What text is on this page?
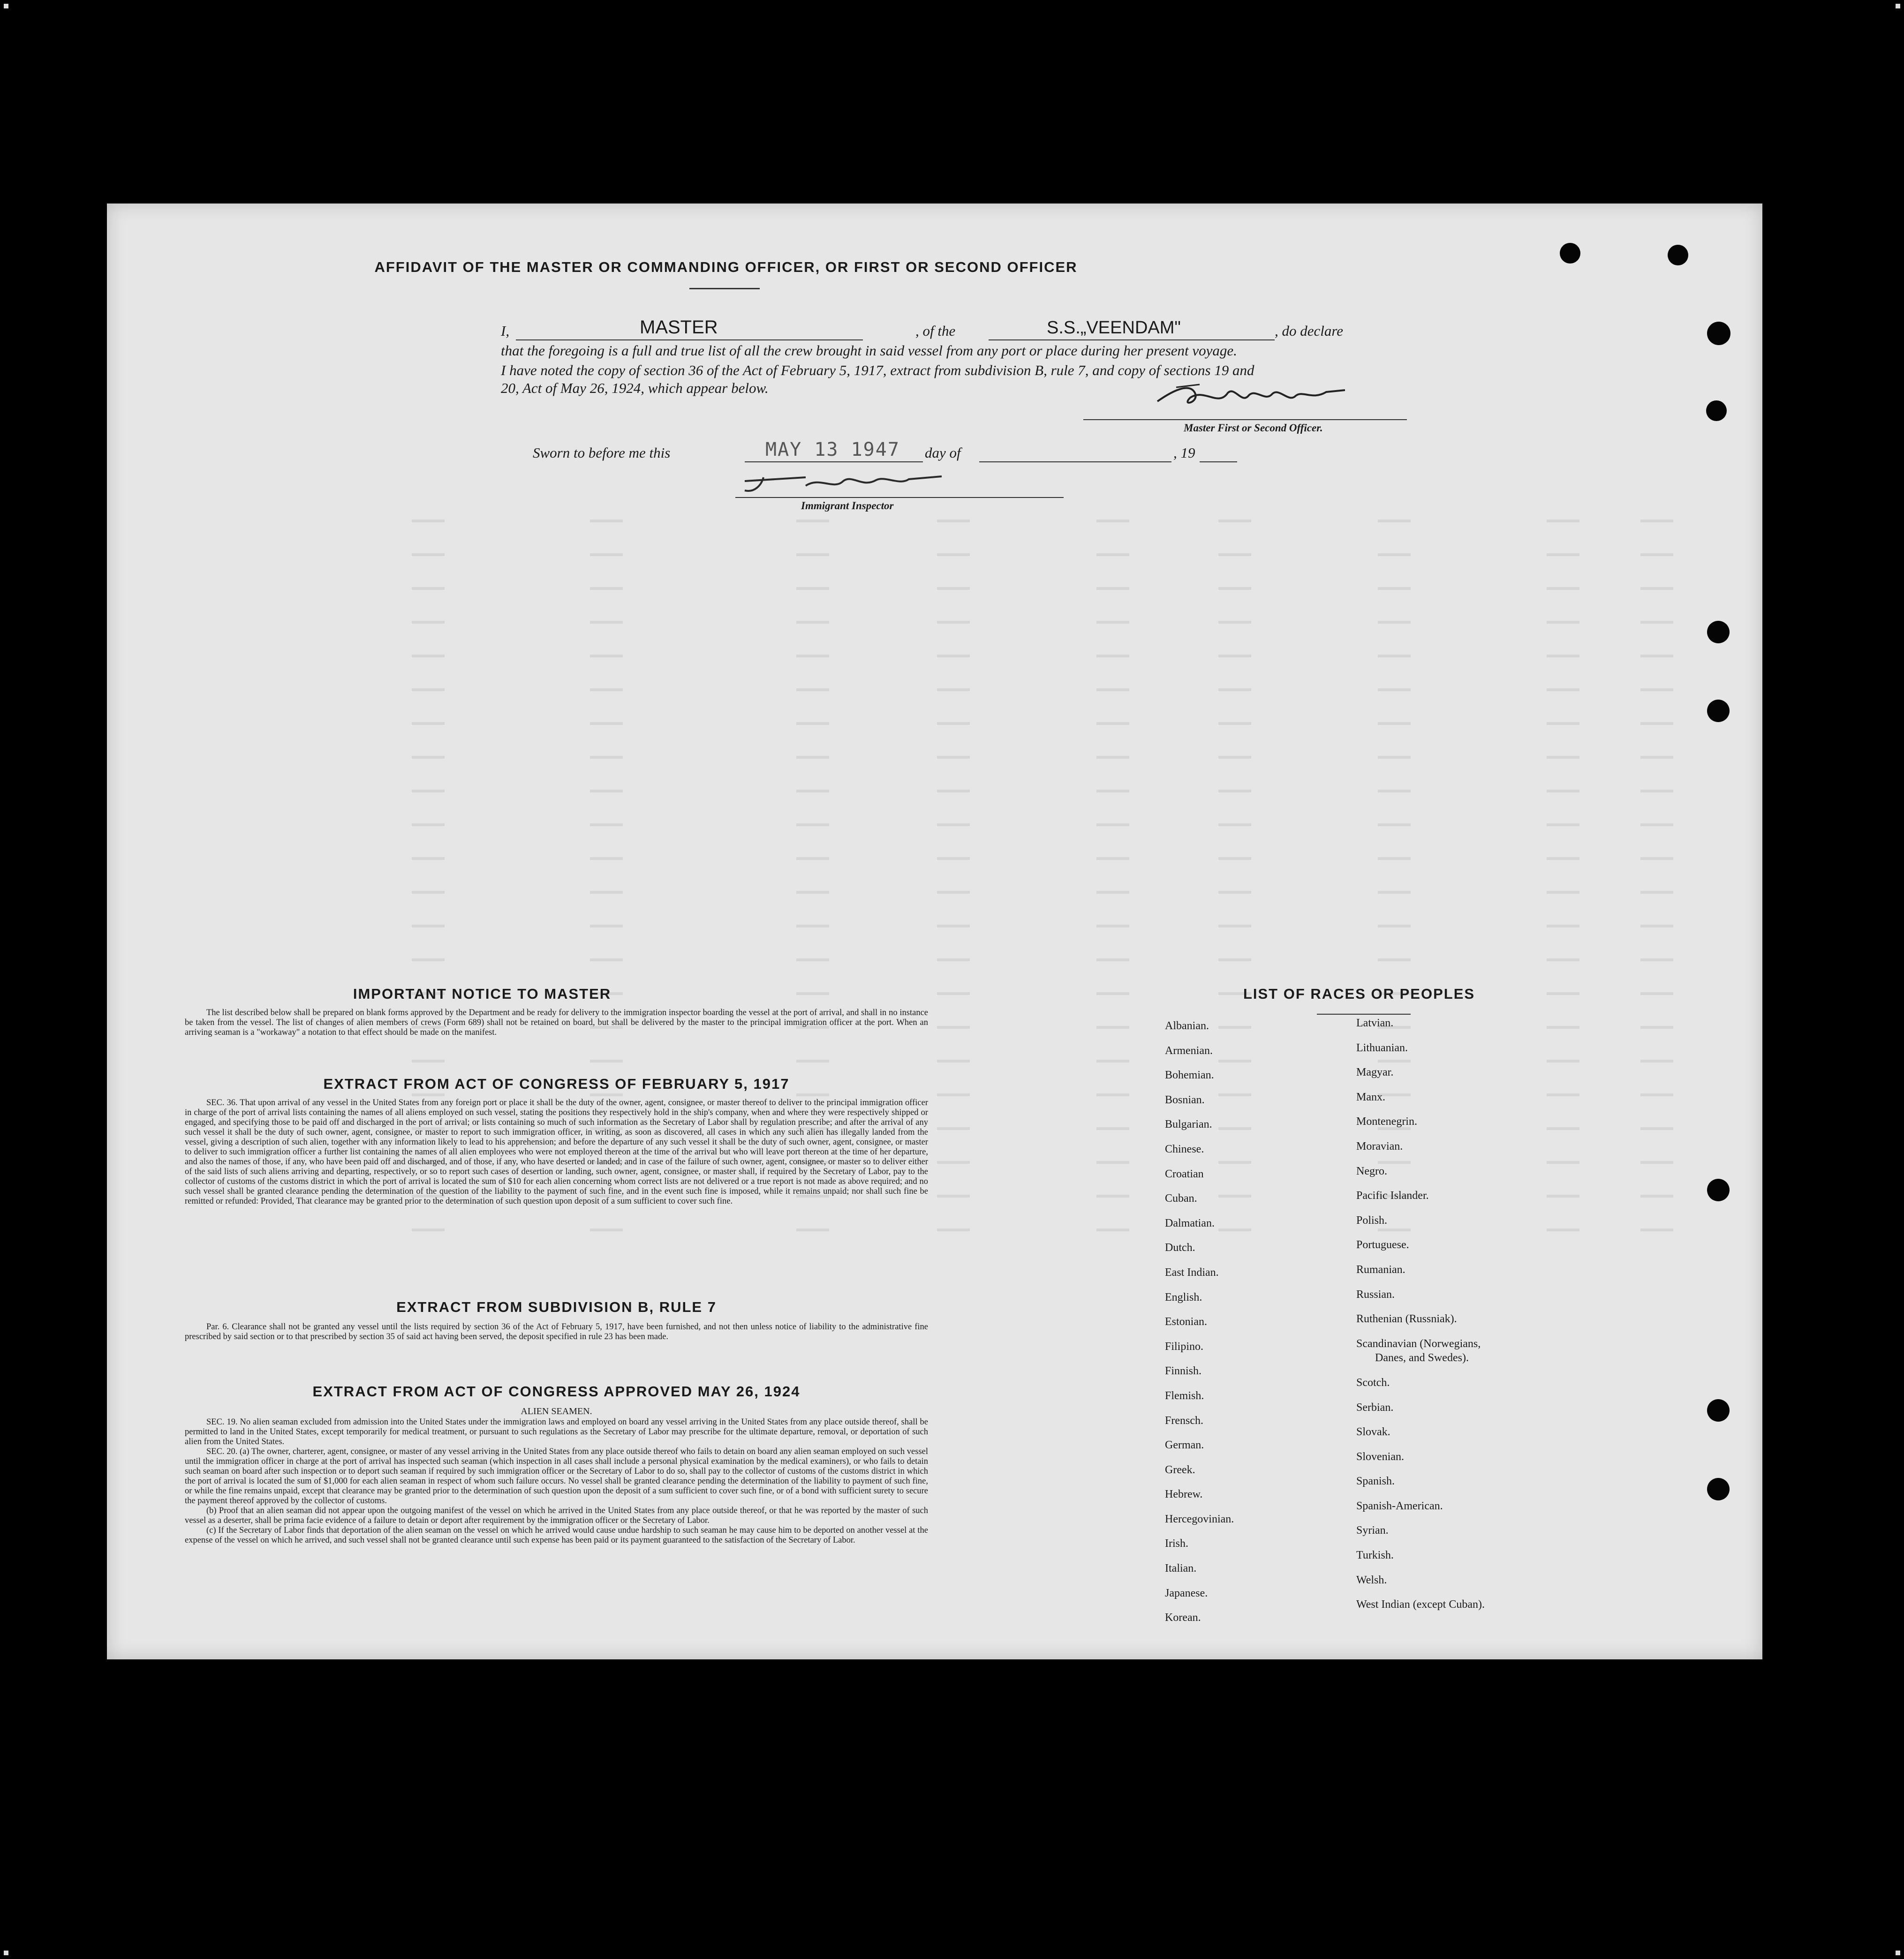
AFFIDAVIT OF THE MASTER OR COMMANDING OFFICER, OR FIRST OR SECOND OFFICER
I,	MASTER	, of the	S.S.„VEENDAM"	, do declare
that the foregoing is a full and true list of all the crew brought in said vessel from any port or place during her present voyage.
I have noted the copy of section 36 of the Act of February 5, 1917, extract from subdivision B, rule 7, and copy of sections 19 and
20, Act of May 26, 1924, which appear below.
Master First or Second Officer.
Sworn to before me this	MAY 13 1947 day of	, 19
Immigrant Inspector
IMPORTANT NOTICE TO MASTER

The list described below shall be prepared on blank forms approved by the Department and be ready for delivery to the immigration inspector boarding the vessel at the port of arrival, and shall in no instance be taken from the vessel. The list of changes of alien members of crews (Form 689) shall not be retained on board, but shall be delivered by the master to the principal immigration officer at the port. When an arriving seaman is a "workaway" a notation to that effect should be made on the manifest.

EXTRACT FROM ACT OF CONGRESS OF FEBRUARY 5, 1917

SEC. 36. That upon arrival of any vessel in the United States from any foreign port or place it shall be the duty of the owner, agent, consignee, or master thereof to deliver to the principal immigration officer in charge of the port of arrival lists containing the names of all aliens employed on such vessel, stating the positions they respectively hold in the ship's company, when and where they were respectively shipped or engaged, and specifying those to be paid off and discharged in the port of arrival; or lists containing so much of such information as the Secretary of Labor shall by regulation prescribe; and after the arrival of any such vessel it shall be the duty of such owner, agent, consignee, or master to report to such immigration officer, in writing, as soon as discovered, all cases in which any such alien has illegally landed from the vessel, giving a description of such alien, together with any information likely to lead to his apprehension; and before the departure of any such vessel it shall be the duty of such owner, agent, consignee, or master to deliver to such immigration officer a further list containing the names of all alien employees who were not employed thereon at the time of the arrival but who will leave port thereon at the time of her departure, and also the names of those, if any, who have been paid off and discharged, and of those, if any, who have deserted or landed; and in case of the failure of such owner, agent, consignee, or master so to deliver either of the said lists of such aliens arriving and departing, respectively, or so to report such cases of desertion or landing, such owner, agent, consignee, or master shall, if required by the Secretary of Labor, pay to the collector of customs of the customs district in which the port of arrival is located the sum of $10 for each alien concerning whom correct lists are not delivered or a true report is not made as above required; and no such vessel shall be granted clearance pending the determination of the question of the liability to the payment of such fine, and in the event such fine is imposed, while it remains unpaid; nor shall such fine be remitted or refunded: Provided, That clearance may be granted prior to the determination of such question upon deposit of a sum sufficient to cover such fine.

EXTRACT FROM SUBDIVISION B, RULE 7

Par. 6. Clearance shall not be granted any vessel until the lists required by section 36 of the Act of February 5, 1917, have been furnished, and not then unless notice of liability to the administrative fine prescribed by said section or to that prescribed by section 35 of said act having been served, the deposit specified in rule 23 has been made.

EXTRACT FROM ACT OF CONGRESS APPROVED MAY 26, 1924
ALIEN SEAMEN.

SEC. 19. No alien seaman excluded from admission into the United States under the immigration laws and employed on board any vessel arriving in the United States from any place outside thereof, shall be permitted to land in the United States, except temporarily for medical treatment, or pursuant to such regulations as the Secretary of Labor may prescribe for the ultimate departure, removal, or deportation of such alien from the United States.

SEC. 20. (a) The owner, charterer, agent, consignee, or master of any vessel arriving in the United States from any place outside thereof who fails to detain on board any alien seaman employed on such vessel until the immigration officer in charge at the port of arrival has inspected such seaman (which inspection in all cases shall include a personal physical examination by the medical examiners), or who fails to detain such seaman on board after such inspection or to deport such seaman if required by such immigration officer or the Secretary of Labor to do so, shall pay to the collector of customs of the customs district in which the port of arrival is located the sum of $1,000 for each alien seaman in respect of whom such failure occurs. No vessel shall be granted clearance pending the determination of the liability to payment of such fine, or while the fine remains unpaid, except that clearance may be granted prior to the determination of such question upon the deposit of a sum sufficient to cover such fine, or of a bond with sufficient surety to secure the payment thereof approved by the collector of customs.

(b) Proof that an alien seaman did not appear upon the outgoing manifest of the vessel on which he arrived in the United States from any place outside thereof, or that he was reported by the master of such vessel as a deserter, shall be prima facie evidence of a failure to detain or deport after requirement by the immigration officer or the Secretary of Labor.

(c) If the Secretary of Labor finds that deportation of the alien seaman on the vessel on which he arrived would cause undue hardship to such seaman he may cause him to be deported on another vessel at the expense of the vessel on which he arrived, and such vessel shall not be granted clearance until such expense has been paid or its payment guaranteed to the satisfaction of the Secretary of Labor.

LIST OF RACES OR PEOPLES
Albanian.
Armenian.
Bohemian.
Bosnian.
Bulgarian.
Chinese.
Croatian
Cuban.
Dalmatian.
Dutch.
East Indian.
English.
Estonian.
Filipino.
Finnish.
Flemish.
Frensch.
German.
Greek.
Hebrew.
Hercegovinian.
Irish.
Italian.
Japanese.
Korean.
Latvian.
Lithuanian.
Magyar.
Manx.
Montenegrin.
Moravian.
Negro.
Pacific Islander.
Polish.
Portuguese.
Rumanian.
Russian.
Ruthenian (Russniak).
Scandinavian (Norwegians,
Danes, and Swedes).
Scotch.
Serbian.
Slovak.
Slovenian.
Spanish.
Spanish-American.
Syrian.
Turkish.
Welsh.
West Indian (except Cuban).
